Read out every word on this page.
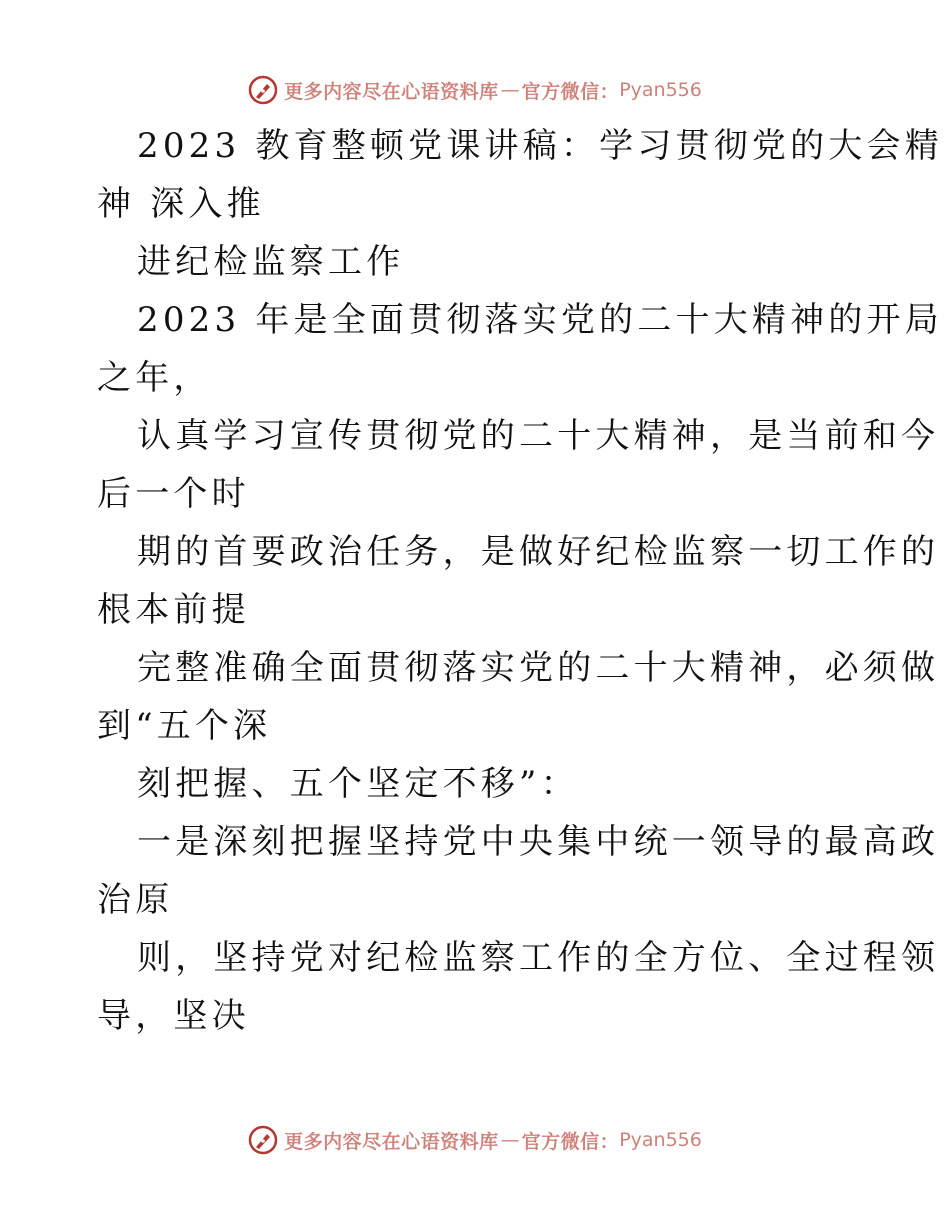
更多内容尽在心语资料库 — 官方微信： Pyan556

2023 教育整顿党课讲稿：学习贯彻党的大会精

神 深入推

进纪检监察工作

2023 年是全面贯彻落实党的二十大精神的开局

之年，

认真学习宣传贯彻党的二十大精神，是当前和今

后一个时

期的首要政治任务，是做好纪检监察一切工作的

根本前提

完整准确全面贯彻落实党的二十大精神，必须做

到“五个深

刻把握、五个坚定不移”：

一是深刻把握坚持党中央集中统一领导的最高政

治原

则，坚持党对纪检监察工作的全方位、全过程领

导，坚决

更多内容尽在心语资料库 — 官方微信： Pyan556
